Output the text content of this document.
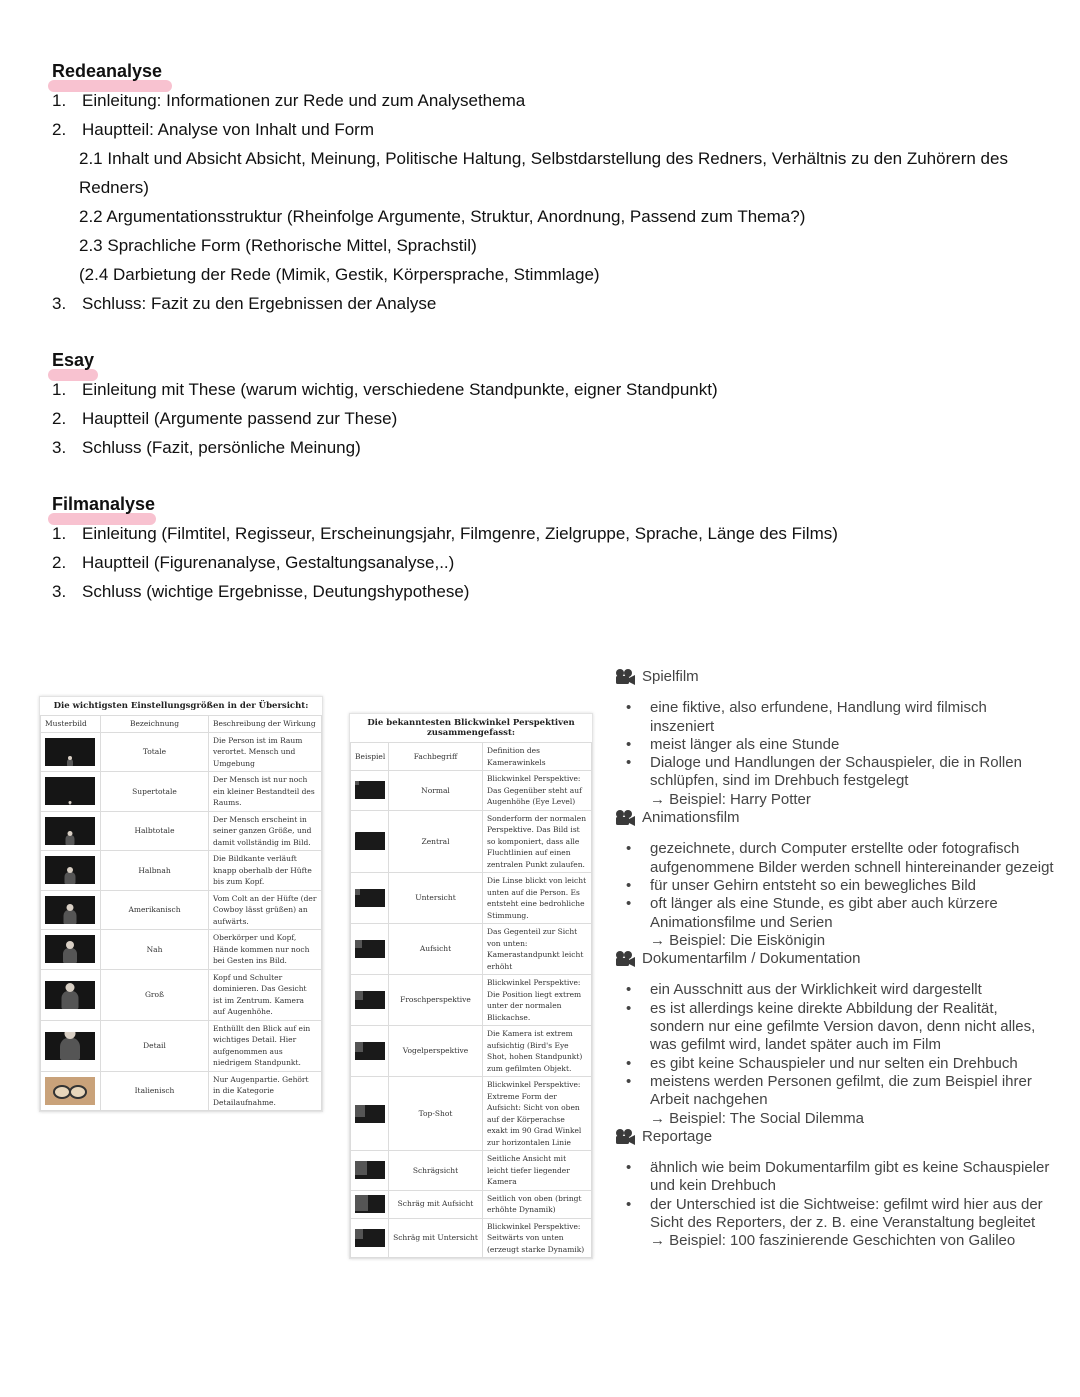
Redeanalyse
1. Einleitung: Informationen zur Rede und zum Analysethema
2. Hauptteil: Analyse von Inhalt und Form
2.1 Inhalt und Absicht Absicht, Meinung, Politische Haltung, Selbstdarstellung des Redners, Verhältnis zu den Zuhörern des Redners)
2.2 Argumentationsstruktur (Rheinfolge Argumente, Struktur, Anordnung, Passend zum Thema?)
2.3 Sprachliche Form (Rethorische Mittel, Sprachstil)
(2.4 Darbietung der Rede (Mimik, Gestik, Körpersprache, Stimmlage)
3. Schluss: Fazit zu den Ergebnissen der Analyse
Esay
1. Einleitung mit These (warum wichtig, verschiedene Standpunkte, eigner Standpunkt)
2. Hauptteil (Argumente passend zur These)
3. Schluss (Fazit, persönliche Meinung)
Filmanalyse
1. Einleitung (Filmtitel, Regisseur, Erscheinungsjahr, Filmgenre, Zielgruppe, Sprache, Länge des Films)
2. Hauptteil (Figurenanalyse, Gestaltungsanalyse,..)
3. Schluss (wichtige Ergebnisse, Deutungshypothese)
Die wichtigsten Einstellungsgrößen in der Übersicht:
Musterbild	Bezeichnung	Beschreibung der Wirkung

	Totale	Die Person ist im Raum verortet. Mensch und Umgebung

	Supertotale	Der Mensch ist nur noch ein kleiner Bestandteil des Raums.

	Halbtotale	Der Mensch erscheint in seiner ganzen Größe, und damit vollständig im Bild.

	Halbnah	Die Bildkante verläuft knapp oberhalb der Hüfte bis zum Kopf.

	Amerikanisch	Vom Colt an der Hüfte (der Cowboy lässt grüßen) an aufwärts.

	Nah	Oberkörper und Kopf, Hände kommen nur noch bei Gesten ins Bild.

	Groß	Kopf und Schulter dominieren. Das Gesicht ist im Zentrum. Kamera auf Augenhöhe.

	Detail	Enthüllt den Blick auf ein wichtiges Detail. Hier aufgenommen aus niedrigem Standpunkt.

	Italienisch	Nur Augenpartie. Gehört in die Kategorie Detailaufnahme.
Die bekanntesten Blickwinkel Perspektiven zusammengefasst:
Beispiel	Fachbegriff	Definition des Kamerawinkels

	Normal	Blickwinkel Perspektive: Das Gegenüber steht auf Augenhöhe (Eye Level)

	Zentral	Sonderform der normalen Perspektive. Das Bild ist so komponiert, dass alle Fluchtlinien auf einen zentralen Punkt zulaufen.

	Untersicht	Die Linse blickt von leicht unten auf die Person. Es entsteht eine bedrohliche Stimmung.

	Aufsicht	Das Gegenteil zur Sicht von unten: Kamerastandpunkt leicht erhöht

	Froschperspektive	Blickwinkel Perspektive: Die Position liegt extrem unter der normalen Blickachse.

	Vogelperspektive	Die Kamera ist extrem aufsichtig (Bird's Eye Shot, hohen Standpunkt) zum gefilmten Objekt.

	Top-Shot	Blickwinkel Perspektive: Extreme Form der Aufsicht: Sicht von oben auf der Körperachse exakt im 90 Grad Winkel zur horizontalen Linie

	Schrägsicht	Seitliche Ansicht mit leicht tiefer liegender Kamera

	Schräg mit Aufsicht	Seitlich von oben (bringt erhöhte Dynamik)

	Schräg mit Untersicht	Blickwinkel Perspektive: Seitwärts von unten (erzeugt starke Dynamik)
Spielfilm
• eine fiktive, also erfundene, Handlung wird filmisch inszeniert
• meist länger als eine Stunde
• Dialoge und Handlungen der Schauspieler, die in Rollen schlüpfen, sind im Drehbuch festgelegt
→ Beispiel: Harry Potter
Animationsfilm
• gezeichnete, durch Computer erstellte oder fotografisch aufgenommene Bilder werden schnell hintereinander gezeigt
• für unser Gehirn entsteht so ein bewegliches Bild
• oft länger als eine Stunde, es gibt aber auch kürzere Animationsfilme und Serien
→ Beispiel: Die Eiskönigin
Dokumentarfilm / Dokumentation
• ein Ausschnitt aus der Wirklichkeit wird dargestellt
• es ist allerdings keine direkte Abbildung der Realität, sondern nur eine gefilmte Version davon, denn nicht alles, was gefilmt wird, landet später auch im Film
• es gibt keine Schauspieler und nur selten ein Drehbuch
• meistens werden Personen gefilmt, die zum Beispiel ihrer Arbeit nachgehen
→ Beispiel: The Social Dilemma
Reportage
• ähnlich wie beim Dokumentarfilm gibt es keine Schauspieler und kein Drehbuch
• der Unterschied ist die Sichtweise: gefilmt wird hier aus der Sicht des Reporters, der z. B. eine Veranstaltung begleitet
→ Beispiel: 100 faszinierende Geschichten von Galileo
